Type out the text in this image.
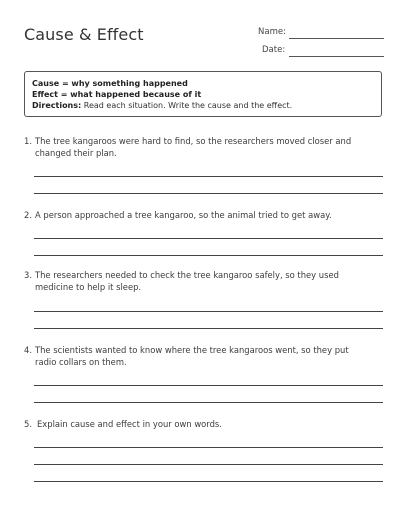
Cause & Effect	Name:
Date:
Cause = why something happened
Effect = what happened because of it
Directions: Read each situation. Write the cause and the effect.
1. The tree kangaroos were hard to find, so the researchers moved closer and changed their plan.
2. A person approached a tree kangaroo, so the animal tried to get away.
3. The researchers needed to check the tree kangaroo safely, so they used medicine to help it sleep.
4. The scientists wanted to know where the tree kangaroos went, so they put radio collars on them.
5. Explain cause and effect in your own words.
